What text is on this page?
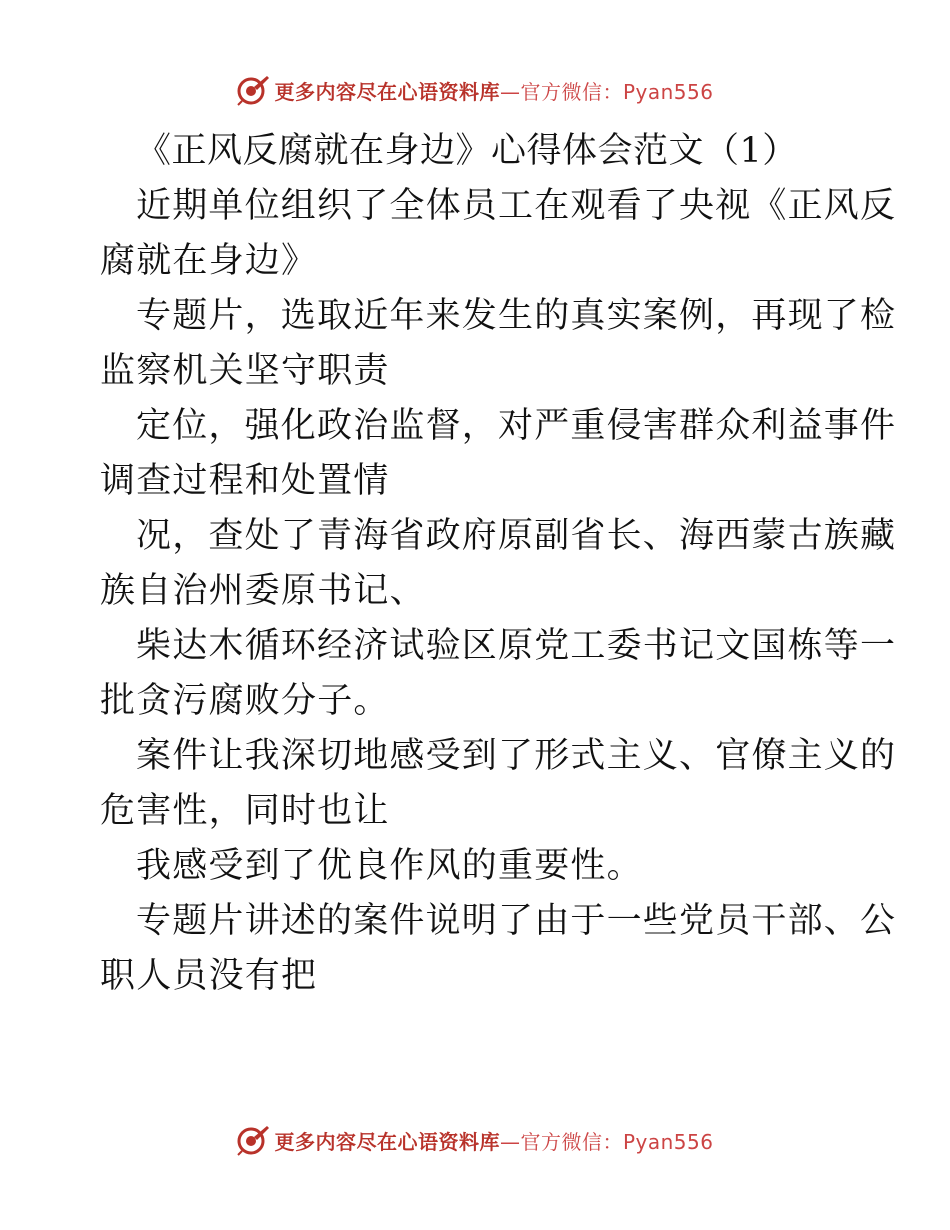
更多内容尽在心语资料库—官方微信：Pyan556
《正风反腐就在身边》心得体会范文（1）
近期单位组织了全体员工在观看了央视《正风反
腐就在身边》
专题片，选取近年来发生的真实案例，再现了检
监察机关坚守职责
定位，强化政治监督，对严重侵害群众利益事件
调查过程和处置情
况，查处了青海省政府原副省长、海西蒙古族藏
族自治州委原书记、
柴达木循环经济试验区原党工委书记文国栋等一
批贪污腐败分子。
案件让我深切地感受到了形式主义、官僚主义的
危害性，同时也让
我感受到了优良作风的重要性。
专题片讲述的案件说明了由于一些党员干部、公
职人员没有把
更多内容尽在心语资料库—官方微信：Pyan556
